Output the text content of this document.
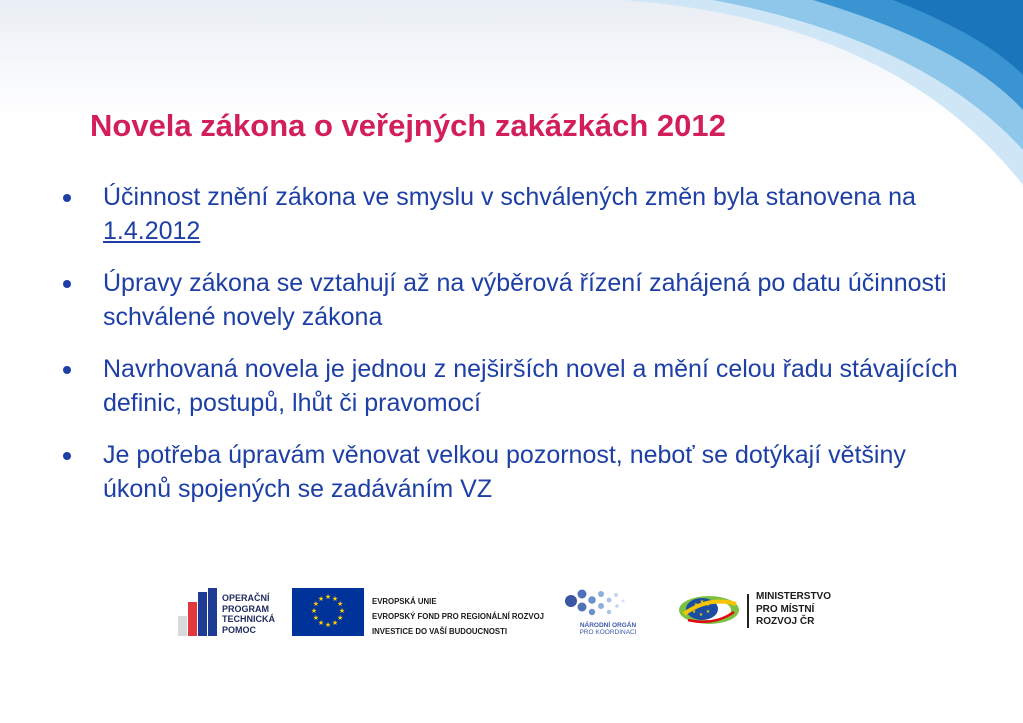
Novela zákona o veřejných zakázkách 2012
Účinnost znění zákona ve smyslu v schválených změn byla stanovena na 1.4.2012
Úpravy zákona se vztahují až na výběrová řízení zahájená po datu účinnosti schválené novely zákona
Navrhovaná novela je jednou z nejširších novel a mění celou řadu stávajících definic, postupů, lhůt či pravomocí
Je potřeba úpravám věnovat velkou pozornost, neboť se dotýkají většiny úkonů spojených se zadáváním VZ
OPERAČNÍ
PROGRAM
TECHNICKÁ
POMOC
★ ★
★
★
★
★
★
★
★
★
★
★	EVROPSKÁ UNIE
EVROPSKÝ FOND PRO REGIONÁLNÍ ROZVOJ
INVESTICE DO VAŠÍ BUDOUCNOSTI
NÁRODNÍ ORGÁN
PRO KOORDINACI
★ ★ ★
★ ★ ★
MINISTERSTVO
PRO MÍSTNÍ
ROZVOJ ČR
